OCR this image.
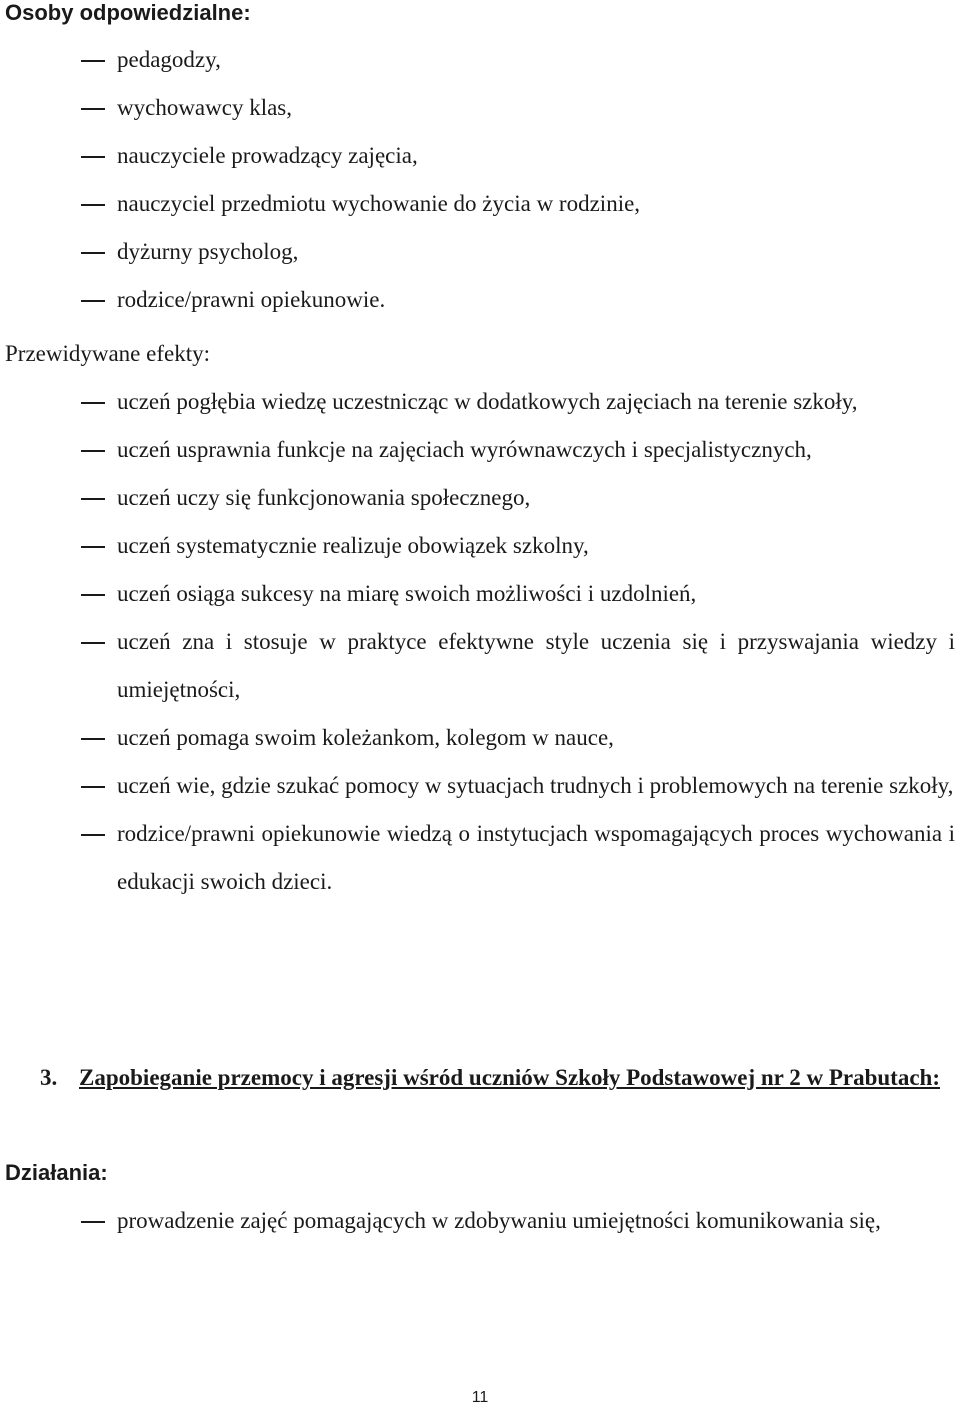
Osoby odpowiedzialne:
pedagodzy,
wychowawcy klas,
nauczyciele prowadzący zajęcia,
nauczyciel przedmiotu wychowanie do życia w rodzinie,
dyżurny psycholog,
rodzice/prawni opiekunowie.
Przewidywane efekty:
uczeń pogłębia wiedzę uczestnicząc w dodatkowych zajęciach na terenie szkoły,
uczeń usprawnia funkcje na zajęciach wyrównawczych i specjalistycznych,
uczeń uczy się funkcjonowania społecznego,
uczeń systematycznie realizuje obowiązek szkolny,
uczeń osiąga sukcesy na miarę swoich możliwości i uzdolnień,
uczeń zna i stosuje w praktyce efektywne style uczenia się i przyswajania wiedzy i umiejętności,
uczeń pomaga swoim koleżankom, kolegom w nauce,
uczeń wie, gdzie szukać pomocy w sytuacjach trudnych i problemowych na terenie szkoły,
rodzice/prawni opiekunowie wiedzą o instytucjach wspomagających proces wychowania i edukacji swoich dzieci.
3. Zapobieganie przemocy i agresji wśród uczniów Szkoły Podstawowej nr 2 w Prabutach:
Działania:
prowadzenie zajęć pomagających w zdobywaniu umiejętności komunikowania się,
11
